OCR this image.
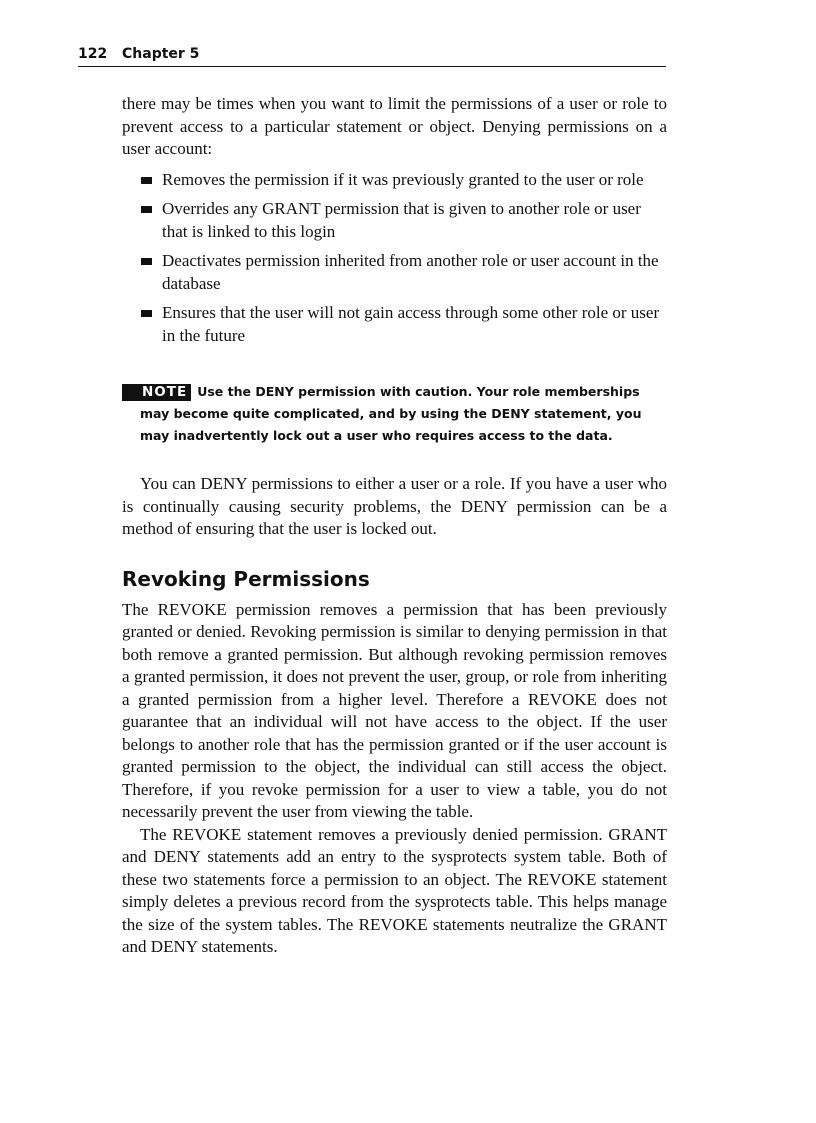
122 Chapter 5

there may be times when you want to limit the permissions of a user or role to prevent access to a particular statement or object. Denying permissions on a user account:

Removes the permission if it was previously granted to the user or role
Overrides any GRANT permission that is given to another role or user that is linked to this login
Deactivates permission inherited from another role or user account in the database
Ensures that the user will not gain access through some other role or user in the future
NOTE Use the DENY permission with caution. Your role memberships may become quite complicated, and by using the DENY statement, you may inadvertently lock out a user who requires access to the data.

You can DENY permissions to either a user or a role. If you have a user who is continually causing security problems, the DENY permission can be a method of ensuring that the user is locked out.

Revoking Permissions

The REVOKE permission removes a permission that has been previously granted or denied. Revoking permission is similar to denying permission in that both remove a granted permission. But although revoking permission removes a granted permission, it does not prevent the user, group, or role from inheriting a granted permission from a higher level. Therefore a REVOKE does not guarantee that an individual will not have access to the object. If the user belongs to another role that has the permission granted or if the user account is granted permission to the object, the individual can still access the object. Therefore, if you revoke permission for a user to view a table, you do not necessarily prevent the user from viewing the table.

The REVOKE statement removes a previously denied permission. GRANT and DENY statements add an entry to the sysprotects system table. Both of these two statements force a permission to an object. The REVOKE statement simply deletes a previous record from the sysprotects table. This helps manage the size of the system tables. The REVOKE statements neutralize the GRANT and DENY statements.
